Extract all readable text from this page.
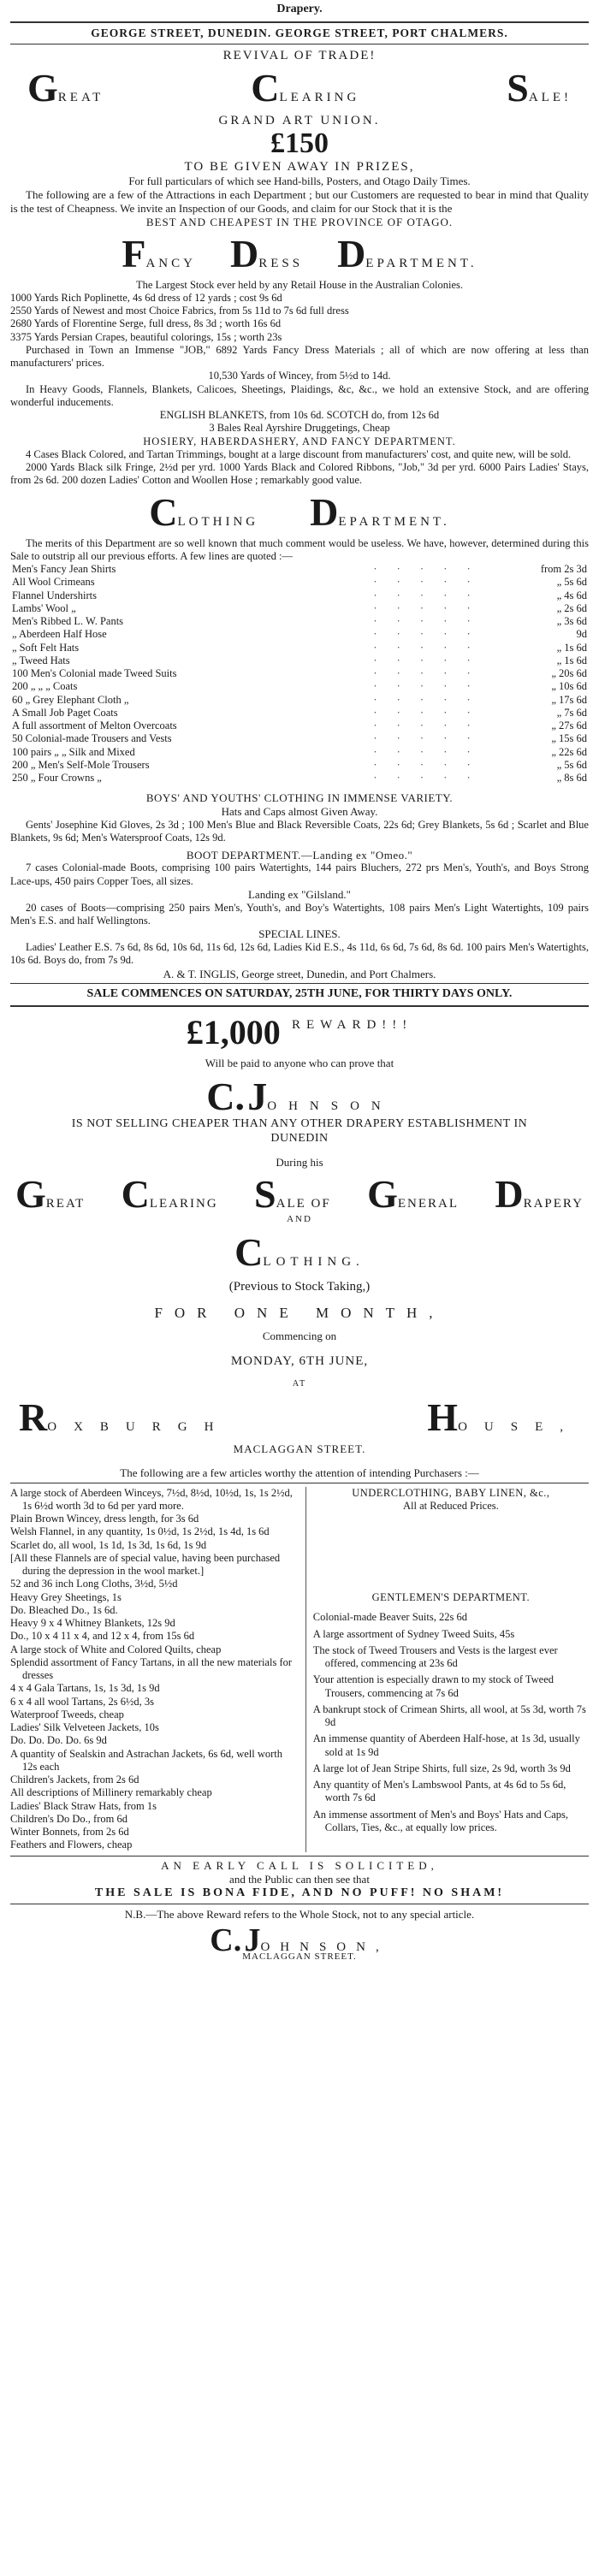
Drapery.
GEORGE STREET, DUNEDIN. GEORGE STREET, PORT CHALMERS.
REVIVAL OF TRADE!
GREAT	CLEARING	SALE!
GRAND ART UNION.
£150
TO BE GIVEN AWAY IN PRIZES,
For full particulars of which see Hand-bills, Posters, and Otago Daily Times.

The following are a few of the Attractions in each Department ; but our Customers are requested to bear in mind that Quality is the test of Cheapness. We invite an Inspection of our Goods, and claim for our Stock that it is the

BEST AND CHEAPEST IN THE PROVINCE OF OTAGO.
FANCY DRESS DEPARTMENT.

The Largest Stock ever held by any Retail House in the Australian Colonies.

1000 Yards Rich Poplinette, 4s 6d dress of 12 yards ; cost 9s 6d

2550 Yards of Newest and most Choice Fabrics, from 5s 11d to 7s 6d full dress

2680 Yards of Florentine Serge, full dress, 8s 3d ; worth 16s 6d

3375 Yards Persian Crapes, beautiful colorings, 15s ; worth 23s

Purchased in Town an Immense "JOB," 6892 Yards Fancy Dress Materials ; all of which are now offering at less than manufacturers' prices.

10,530 Yards of Wincey, from 5½d to 14d.

In Heavy Goods, Flannels, Blankets, Calicoes, Sheetings, Plaidings, &c, &c., we hold an extensive Stock, and are offering wonderful inducements.

ENGLISH BLANKETS, from 10s 6d. SCOTCH do, from 12s 6d

3 Bales Real Ayrshire Druggetings, Cheap

HOSIERY, HABERDASHERY, AND FANCY DEPARTMENT.

4 Cases Black Colored, and Tartan Trimmings, bought at a large discount from manufacturers' cost, and quite new, will be sold.

2000 Yards Black silk Fringe, 2½d per yrd. 1000 Yards Black and Colored Ribbons, "Job," 3d per yrd. 6000 Pairs Ladies' Stays, from 2s 6d. 200 dozen Ladies' Cotton and Woollen Hose ; remarkably good value.

CLOTHING DEPARTMENT.

The merits of this Department are so well known that much comment would be useless. We have, however, determined during this Sale to outstrip all our previous efforts. A few lines are quoted :—

Men's Fancy Jean Shirts	· · · · ·	from 2s 3d
All Wool Crimeans	· · · · ·	„ 5s 6d
Flannel Undershirts	· · · · ·	„ 4s 6d
Lambs' Wool „	· · · · ·	„ 2s 6d
Men's Ribbed L. W. Pants	· · · · ·	„ 3s 6d
„ Aberdeen Half Hose	· · · · ·	9d
„ Soft Felt Hats	· · · · ·	„ 1s 6d
„ Tweed Hats	· · · · ·	„ 1s 6d
100 Men's Colonial made Tweed Suits	· · · · ·	„ 20s 6d
200 „ „ „ Coats	· · · · ·	„ 10s 6d
60 „ Grey Elephant Cloth „	· · · · ·	„ 17s 6d
A Small Job Paget Coats	· · · · ·	„ 7s 6d
A full assortment of Melton Overcoats	· · · · ·	„ 27s 6d
50 Colonial-made Trousers and Vests	· · · · ·	„ 15s 6d
100 pairs „ „ Silk and Mixed	· · · · ·	„ 22s 6d
200 „ Men's Self-Mole Trousers	· · · · ·	„ 5s 6d
250 „ Four Crowns „	· · · · ·	„ 8s 6d
BOYS' AND YOUTHS' CLOTHING IN IMMENSE VARIETY.
Hats and Caps almost Given Away.

Gents' Josephine Kid Gloves, 2s 3d ; 100 Men's Blue and Black Reversible Coats, 22s 6d; Grey Blankets, 5s 6d ; Scarlet and Blue Blankets, 9s 6d; Men's Watersproof Coats, 12s 9d.

BOOT DEPARTMENT.—Landing ex "Omeo."

7 cases Colonial-made Boots, comprising 100 pairs Watertights, 144 pairs Bluchers, 272 prs Men's, Youth's, and Boys Strong Lace-ups, 450 pairs Copper Toes, all sizes.

Landing ex "Gilsland."

20 cases of Boots—comprising 250 pairs Men's, Youth's, and Boy's Watertights, 108 pairs Men's Light Watertights, 109 pairs Men's E.S. and half Wellingtons.

SPECIAL LINES.

Ladies' Leather E.S. 7s 6d, 8s 6d, 10s 6d, 11s 6d, 12s 6d, Ladies Kid E.S., 4s 11d, 6s 6d, 7s 6d, 8s 6d. 100 pairs Men's Watertights, 10s 6d. Boys do, from 7s 9d.

A. & T. INGLIS, George street, Dunedin, and Port Chalmers.
SALE COMMENCES ON SATURDAY, 25TH JUNE, FOR THIRTY DAYS ONLY.
£1,000 REWARD!!!
Will be paid to anyone who can prove that
C. JOHNSON
IS NOT SELLING CHEAPER THAN ANY OTHER DRAPERY ESTABLISHMENT IN DUNEDIN
During his
GREAT CLEARING SALE OF GENERAL DRAPERY
AND
CLOTHING.
(Previous to Stock Taking,)
FOR ONE MONTH,
Commencing on
MONDAY, 6TH JUNE,
AT
ROXBURGH	HOUSE,
MACLAGGAN STREET.
The following are a few articles worthy the attention of intending Purchasers :—

A large stock of Aberdeen Winceys, 7½d, 8½d, 10½d, 1s, 1s 2½d, 1s 6½d worth 3d to 6d per yard more.

Plain Brown Wincey, dress length, for 3s 6d

Welsh Flannel, in any quantity, 1s 0½d, 1s 2½d, 1s 4d, 1s 6d

Scarlet do, all wool, 1s 1d, 1s 3d, 1s 6d, 1s 9d

[All these Flannels are of special value, having been purchased during the depression in the wool market.]

52 and 36 inch Long Cloths, 3½d, 5½d

Heavy Grey Sheetings, 1s

Do. Bleached Do., 1s 6d.

Heavy 9 x 4 Whitney Blankets, 12s 9d

Do., 10 x 4 11 x 4, and 12 x 4, from 15s 6d

A large stock of White and Colored Quilts, cheap

Splendid assortment of Fancy Tartans, in all the new materials for dresses

4 x 4 Gala Tartans, 1s, 1s 3d, 1s 9d

6 x 4 all wool Tartans, 2s 6½d, 3s

Waterproof Tweeds, cheap

Ladies' Silk Velveteen Jackets, 10s

Do. Do. Do. Do. 6s 9d

A quantity of Sealskin and Astrachan Jackets, 6s 6d, well worth 12s each

Children's Jackets, from 2s 6d

All descriptions of Millinery remarkably cheap

Ladies' Black Straw Hats, from 1s

Children's Do Do., from 6d

Winter Bonnets, from 2s 6d

Feathers and Flowers, cheap

UNDERCLOTHING, BABY LINEN, &c.,

All at Reduced Prices.

GENTLEMEN'S DEPARTMENT.

Colonial-made Beaver Suits, 22s 6d

A large assortment of Sydney Tweed Suits, 45s

The stock of Tweed Trousers and Vests is the largest ever offered, commencing at 23s 6d

Your attention is especially drawn to my stock of Tweed Trousers, commencing at 7s 6d

A bankrupt stock of Crimean Shirts, all wool, at 5s 3d, worth 7s 9d

An immense quantity of Aberdeen Half-hose, at 1s 3d, usually sold at 1s 9d

A large lot of Jean Stripe Shirts, full size, 2s 9d, worth 3s 9d

Any quantity of Men's Lambswool Pants, at 4s 6d to 5s 6d, worth 7s 6d

An immense assortment of Men's and Boys' Hats and Caps, Collars, Ties, &c., at equally low prices.

AN EARLY CALL IS SOLICITED,
and the Public can then see that
THE SALE IS BONA FIDE, AND NO PUFF! NO SHAM!
N.B.—The above Reward refers to the Whole Stock, not to any special article.
C. JOHNSON,
MACLAGGAN STREET.
